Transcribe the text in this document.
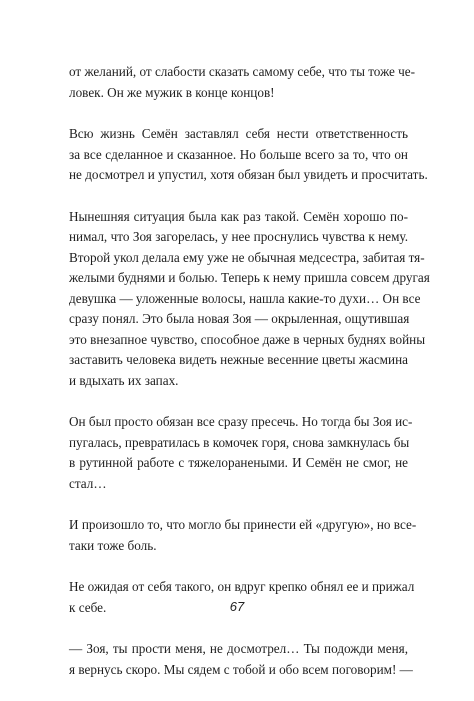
от желаний, от слабости сказать самому себе, что ты тоже че-
ловек. Он же мужик в конце концов!
Всю жизнь Семён заставлял себя нести ответственность
за все сделанное и сказанное. Но больше всего за то, что он
не досмотрел и упустил, хотя обязан был увидеть и просчитать.
Нынешняя ситуация была как раз такой. Семён хорошо по-
нимал, что Зоя загорелась, у нее проснулись чувства к нему.
Второй укол делала ему уже не обычная медсестра, забитая тя-
желыми буднями и болью. Теперь к нему пришла совсем другая
девушка — уложенные волосы, нашла какие-то духи… Он все
сразу понял. Это была новая Зоя — окрыленная, ощутившая
это внезапное чувство, способное даже в черных буднях войны
заставить человека видеть нежные весенние цветы жасмина
и вдыхать их запах.
Он был просто обязан все сразу пресечь. Но тогда бы Зоя ис-
пугалась, превратилась в комочек горя, снова замкнулась бы
в рутинной работе с тяжелоранеными. И Семён не смог, не
стал…
И произошло то, что могло бы принести ей «другую», но все-
таки тоже боль.
Не ожидая от себя такого, он вдруг крепко обнял ее и прижал
к себе.
— Зоя, ты прости меня, не досмотрел… Ты подожди меня,
я вернусь скоро. Мы сядем с тобой и обо всем поговорим! —
67
